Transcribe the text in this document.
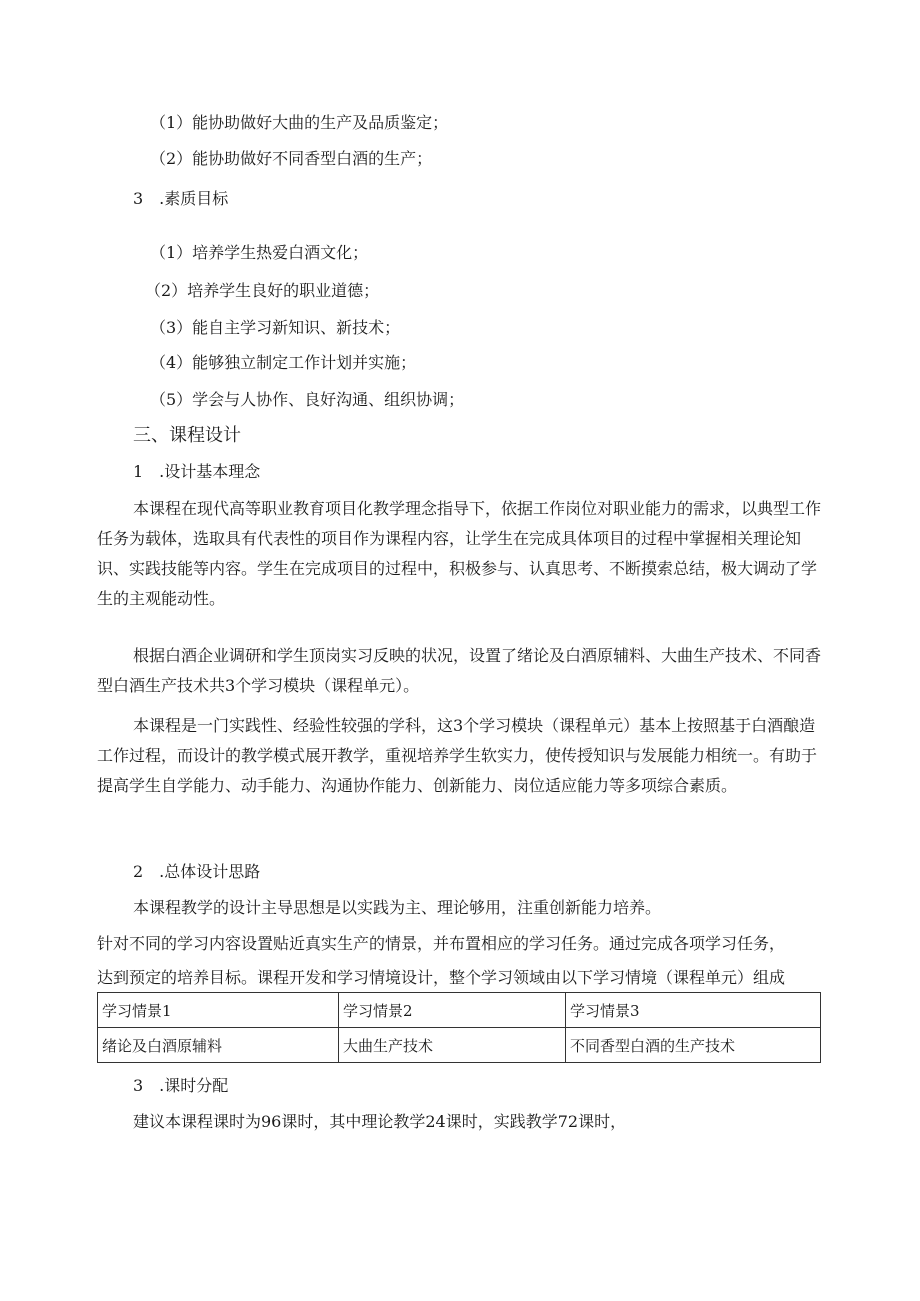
（1）能协助做好大曲的生产及品质鉴定；
（2）能协助做好不同香型白酒的生产；
3　.素质目标
（1）培养学生热爱白酒文化；
（2）培养学生良好的职业道德；
（3）能自主学习新知识、新技术；
（4）能够独立制定工作计划并实施；
（5）学会与人协作、良好沟通、组织协调；
三、课程设计
1　.设计基本理念
本课程在现代高等职业教育项目化教学理念指导下，依据工作岗位对职业能力的需求，以典型工作任务为载体，选取具有代表性的项目作为课程内容，让学生在完成具体项目的过程中掌握相关理论知识、实践技能等内容。学生在完成项目的过程中，积极参与、认真思考、不断摸索总结，极大调动了学生的主观能动性。
根据白酒企业调研和学生顶岗实习反映的状况，设置了绪论及白酒原辅料、大曲生产技术、不同香型白酒生产技术共3个学习模块（课程单元）。
本课程是一门实践性、经验性较强的学科，这3个学习模块（课程单元）基本上按照基于白酒酿造工作过程，而设计的教学模式展开教学，重视培养学生软实力，使传授知识与发展能力相统一。有助于提高学生自学能力、动手能力、沟通协作能力、创新能力、岗位适应能力等多项综合素质。
2　.总体设计思路
本课程教学的设计主导思想是以实践为主、理论够用，注重创新能力培养。
针对不同的学习内容设置贴近真实生产的情景，并布置相应的学习任务。通过完成各项学习任务，
达到预定的培养目标。课程开发和学习情境设计，整个学习领域由以下学习情境（课程单元）组成
学习情景1	学习情景2	学习情景3
绪论及白酒原辅料	大曲生产技术	不同香型白酒的生产技术
3　.课时分配
建议本课程课时为96课时，其中理论教学24课时，实践教学72课时，
